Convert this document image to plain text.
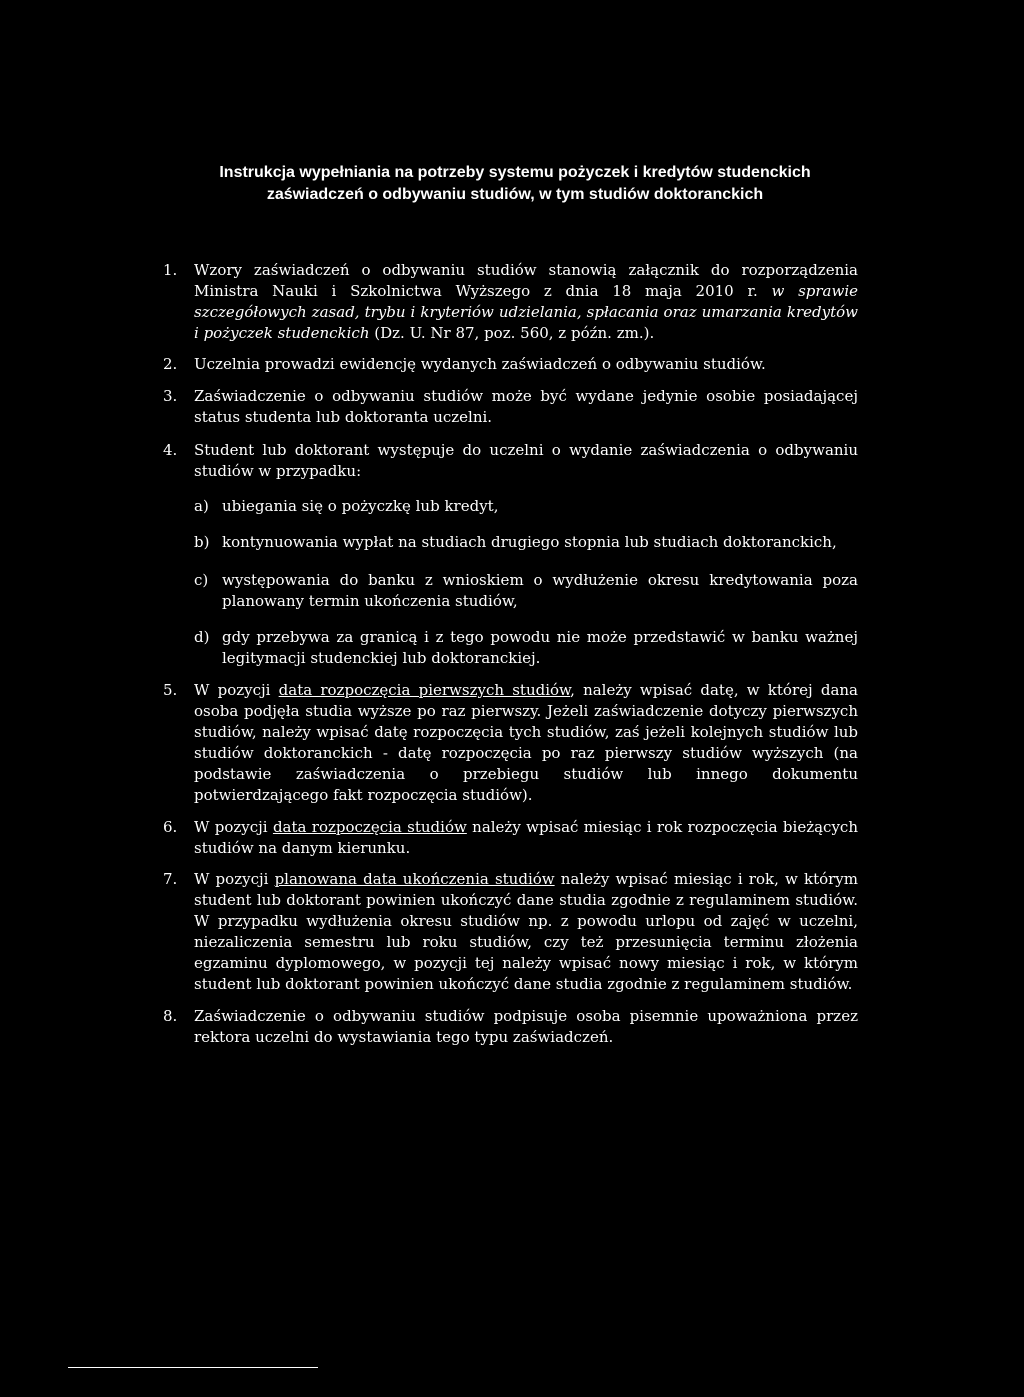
Instrukcja wypełniania na potrzeby systemu pożyczek i kredytów studenckich
zaświadczeń o odbywaniu studiów, w tym studiów doktoranckich
1. Wzory zaświadczeń o odbywaniu studiów stanowią załącznik do rozporządzenia Ministra Nauki i Szkolnictwa Wyższego z dnia 18 maja 2010 r. w sprawie szczegółowych zasad, trybu i kryteriów udzielania, spłacania oraz umarzania kredytów i pożyczek studenckich (Dz. U. Nr 87, poz. 560, z późn. zm.).
2. Uczelnia prowadzi ewidencję wydanych zaświadczeń o odbywaniu studiów.
3. Zaświadczenie o odbywaniu studiów może być wydane jedynie osobie posiadającej status studenta lub doktoranta uczelni.
4. Student lub doktorant występuje do uczelni o wydanie zaświadczenia o odbywaniu studiów w przypadku:
a) ubiegania się o pożyczkę lub kredyt,
b) kontynuowania wypłat na studiach drugiego stopnia lub studiach doktoranckich,
c) występowania do banku z wnioskiem o wydłużenie okresu kredytowania poza planowany termin ukończenia studiów,
d) gdy przebywa za granicą i z tego powodu nie może przedstawić w banku ważnej legitymacji studenckiej lub doktoranckiej.
5. W pozycji data rozpoczęcia pierwszych studiów, należy wpisać datę, w której dana osoba podjęła studia wyższe po raz pierwszy. Jeżeli zaświadczenie dotyczy pierwszych studiów, należy wpisać datę rozpoczęcia tych studiów, zaś jeżeli kolejnych studiów lub studiów doktoranckich - datę rozpoczęcia po raz pierwszy studiów wyższych (na podstawie zaświadczenia o przebiegu studiów lub innego dokumentu potwierdzającego fakt rozpoczęcia studiów).
6. W pozycji data rozpoczęcia studiów należy wpisać miesiąc i rok rozpoczęcia bieżących studiów na danym kierunku.
7. W pozycji planowana data ukończenia studiów należy wpisać miesiąc i rok, w którym student lub doktorant powinien ukończyć dane studia zgodnie z regulaminem studiów. W przypadku wydłużenia okresu studiów np. z powodu urlopu od zajęć w uczelni, niezaliczenia semestru lub roku studiów, czy też przesunięcia terminu złożenia egzaminu dyplomowego, w pozycji tej należy wpisać nowy miesiąc i rok, w którym student lub doktorant powinien ukończyć dane studia zgodnie z regulaminem studiów.
8. Zaświadczenie o odbywaniu studiów podpisuje osoba pisemnie upoważniona przez rektora uczelni do wystawiania tego typu zaświadczeń.
